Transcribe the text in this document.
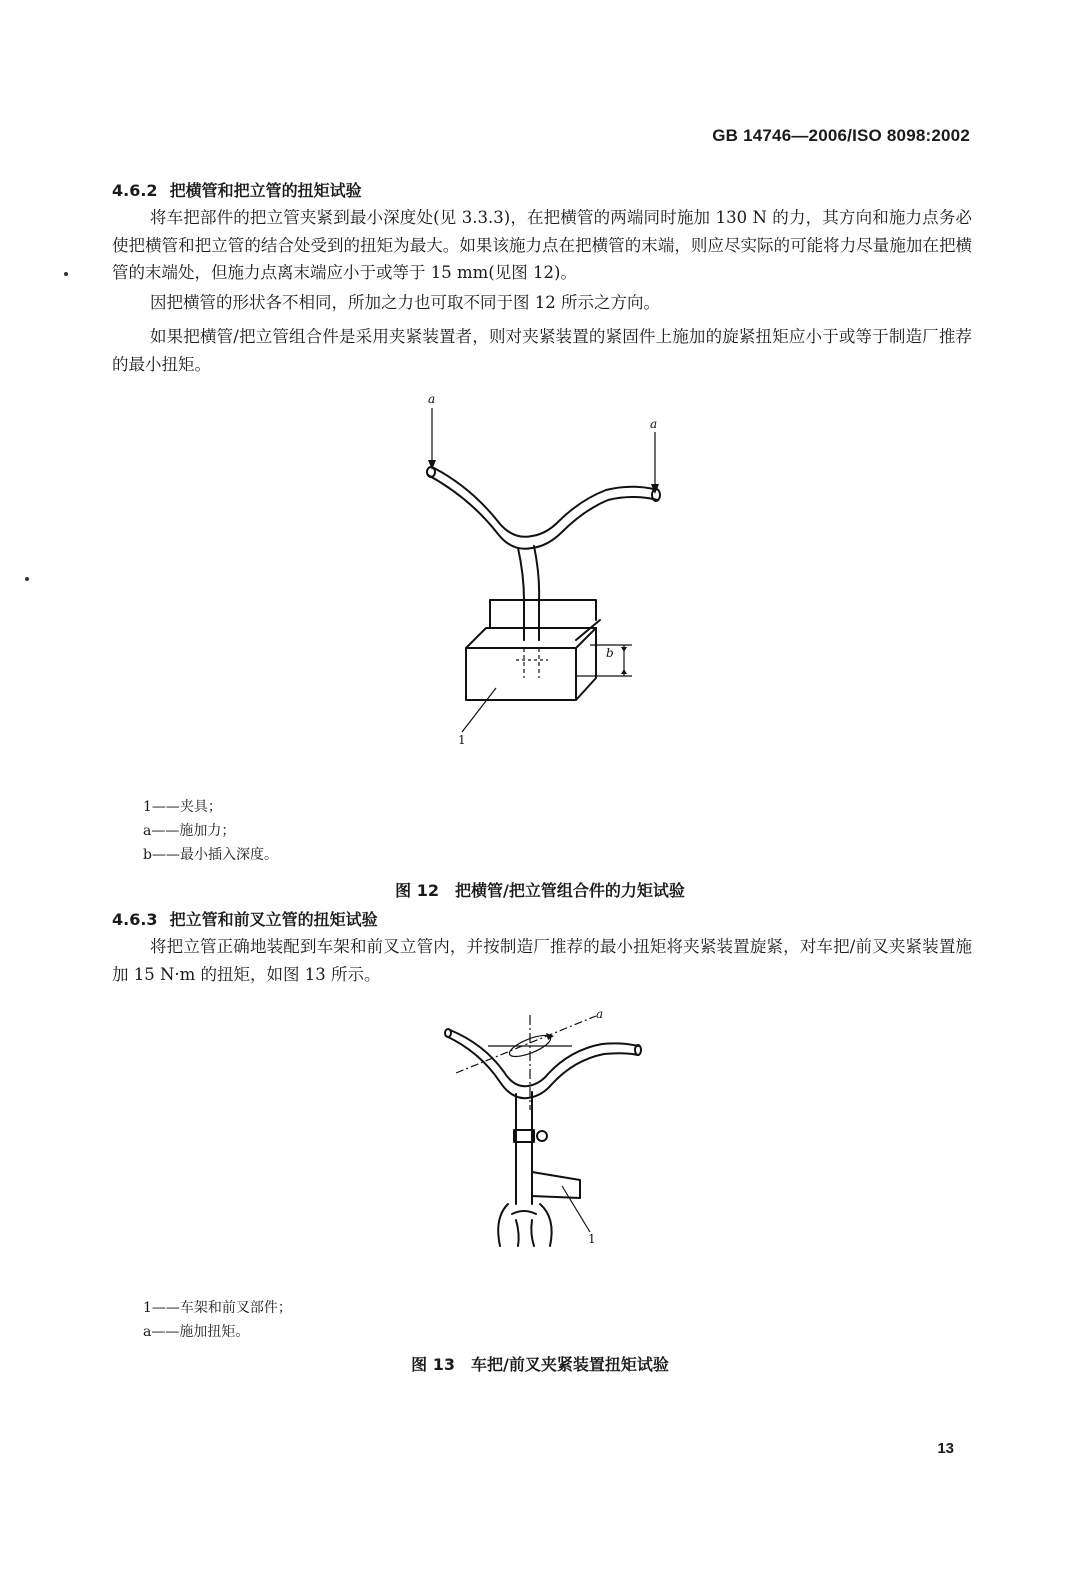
GB 14746—2006/ISO 8098:2002
4.6.2 把横管和把立管的扭矩试验

将车把部件的把立管夹紧到最小深度处(见 3.3.3)，在把横管的两端同时施加 130 N 的力，其方向和施力点务必使把横管和把立管的结合处受到的扭矩为最大。如果该施力点在把横管的末端，则应尽实际的可能将力尽量施加在把横管的末端处，但施力点离末端应小于或等于 15 mm(见图 12)。

因把横管的形状各不相同，所加之力也可取不同于图 12 所示之方向。

如果把横管/把立管组合件是采用夹紧装置者，则对夹紧装置的紧固件上施加的旋紧扭矩应小于或等于制造厂推荐的最小扭矩。

a
a
b
1
1——夹具；
a——施加力；
b——最小插入深度。
图 12 把横管/把立管组合件的力矩试验
4.6.3 把立管和前叉立管的扭矩试验

将把立管正确地装配到车架和前叉立管内，并按制造厂推荐的最小扭矩将夹紧装置旋紧，对车把/前叉夹紧装置施加 15 N·m 的扭矩，如图 13 所示。

a
1
1——车架和前叉部件；
a——施加扭矩。
图 13 车把/前叉夹紧装置扭矩试验
13
